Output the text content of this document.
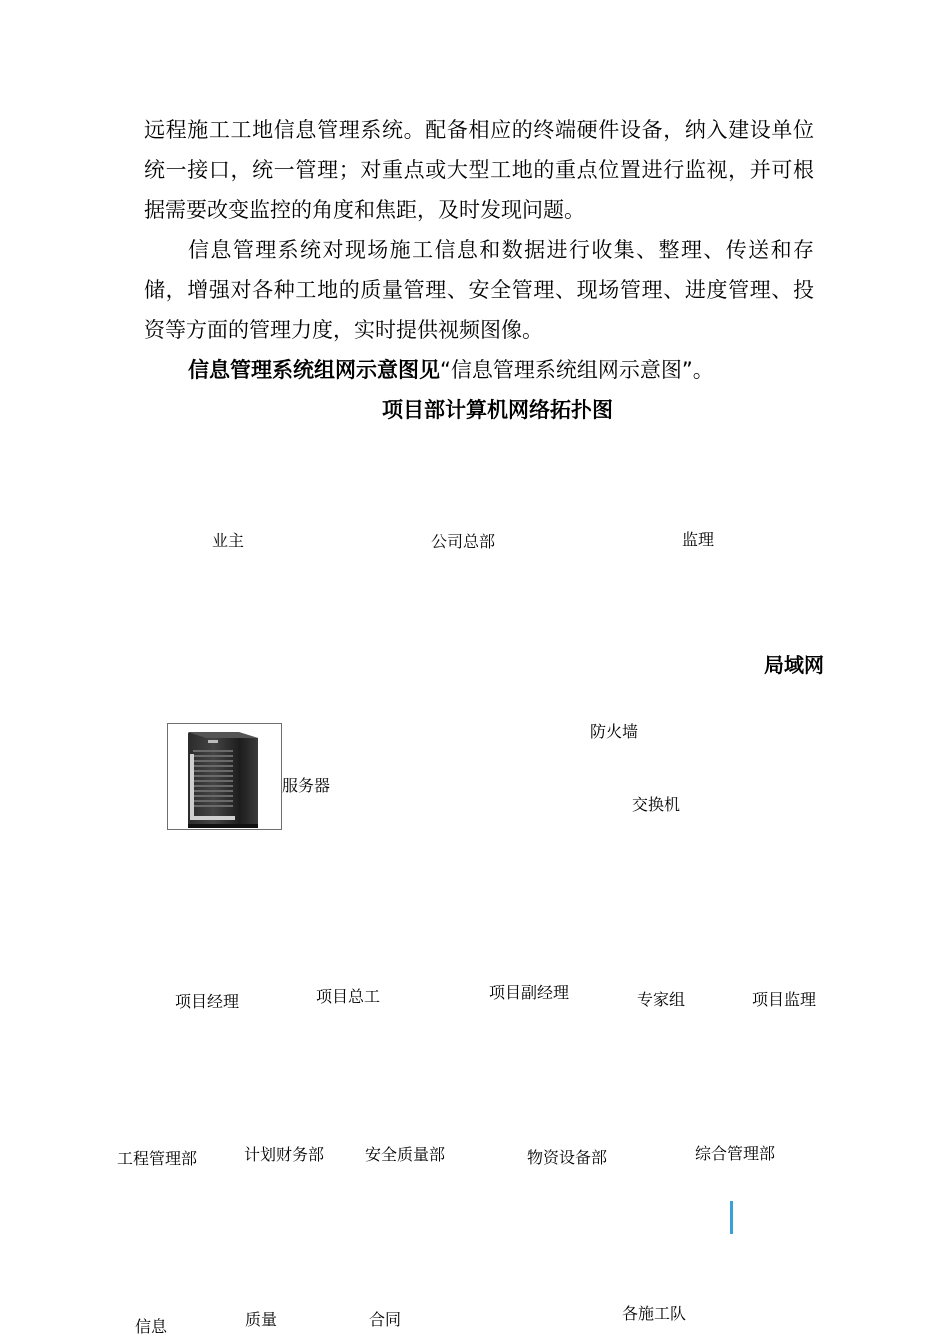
远程施工工地信息管理系统。配备相应的终端硬件设备，纳入建设单位统一接口，统一管理；对重点或大型工地的重点位置进行监视，并可根据需要改变监控的角度和焦距，及时发现问题。

信息管理系统对现场施工信息和数据进行收集、整理、传送和存储，增强对各种工地的质量管理、安全管理、现场管理、进度管理、投资等方面的管理力度，实时提供视频图像。

信息管理系统组网示意图见“信息管理系统组网示意图”。
项目部计算机网络拓扑图
业主	公司总部	监理
局域网
防火墙
服务器
交换机
项目经理	项目总工	项目副经理	专家组	项目监理
工程管理部	计划财务部	安全质量部	物资设备部	综合管理部
信息	质量	合同	各施工队
